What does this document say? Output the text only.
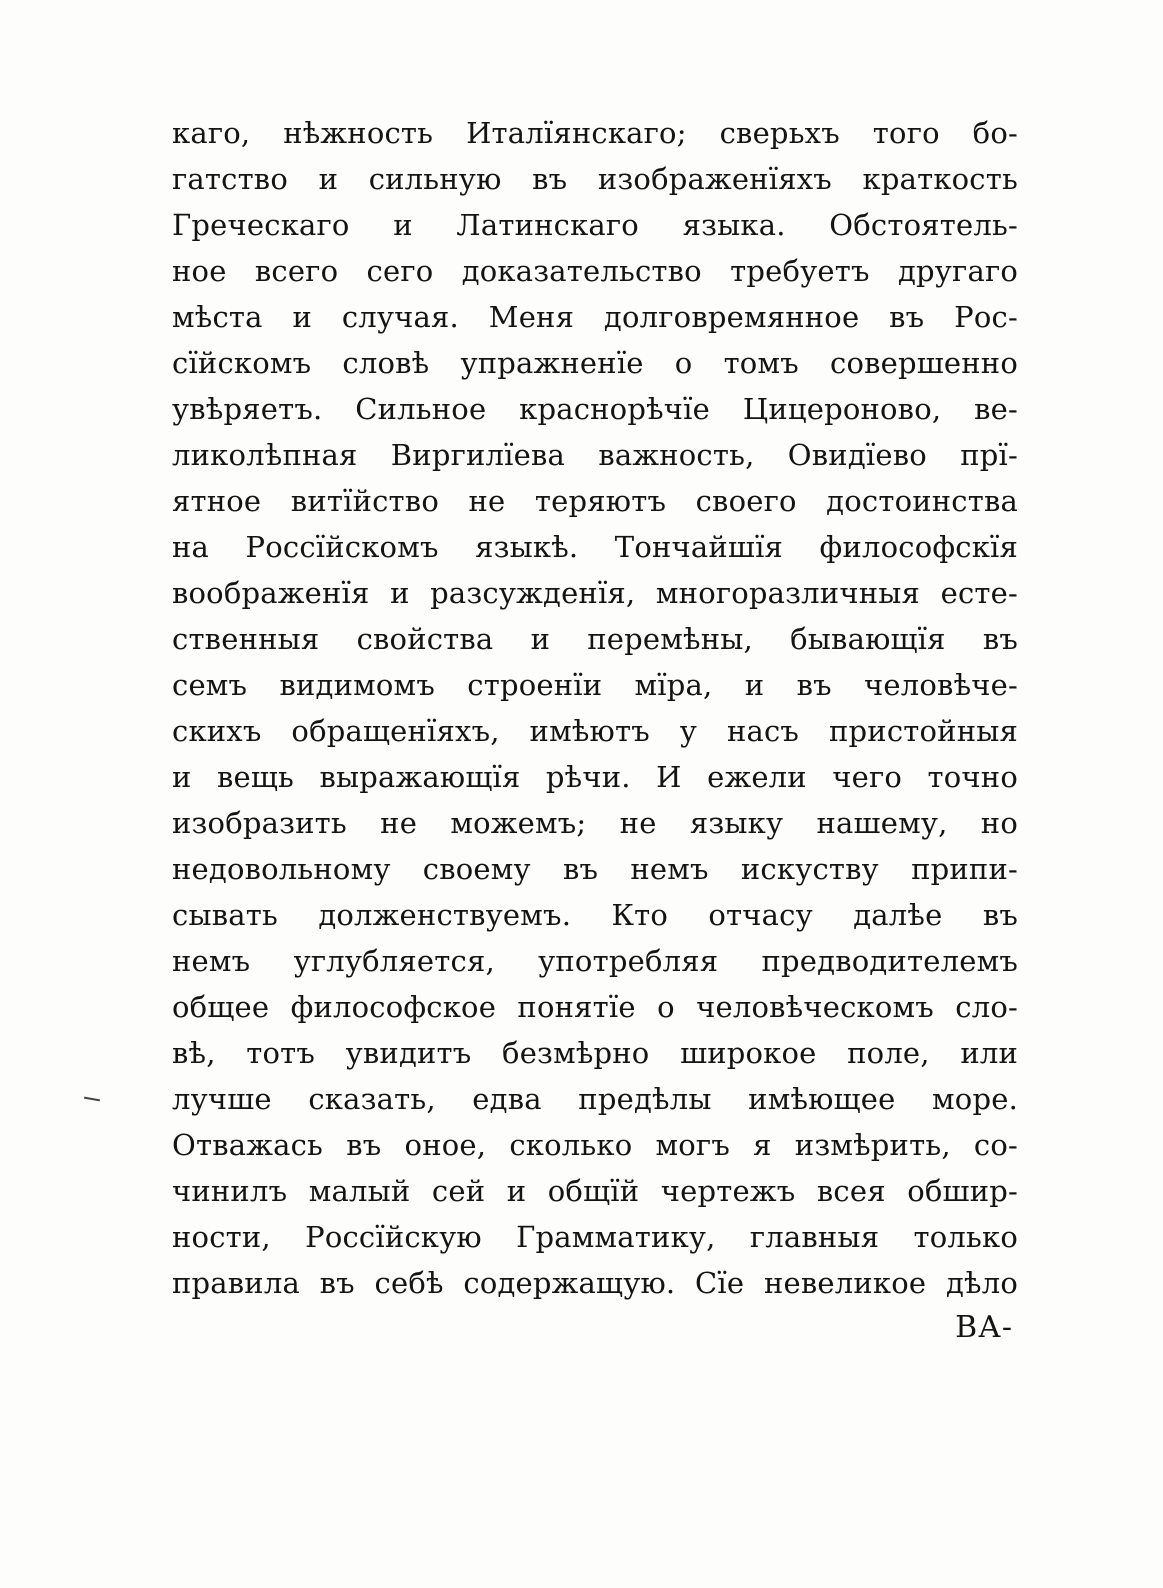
каго, нѣжность Италїянскаго; сверьхъ того бо-
гатство и сильную въ изображенїяхъ краткость
Греческаго и Латинскаго языка. Обстоятель-
ное всего сего доказательство требуетъ другагo
мѣста и случая. Меня долговремянное въ Рос-
сїйскомъ словѣ упражненїе о томъ совершенно
увѣряетъ. Сильное краснорѣчїе Цицероново, ве-
ликолѣпная Виргилїева важность, Овидїево прї-
ятное витїйство не теряютъ своего достоинства
на Россїйскомъ языкѣ. Тончайшїя философскїя
воображенїя и разсужденїя, многоразличныя есте-
ственныя свойства и перемѣны, бывающїя въ
семъ видимомъ строенїи мїра, и въ человѣче-
скихъ обращенїяхъ, имѣютъ у насъ пристойныя
и вещь выражающїя рѣчи. И ежели чего точно
изобразить не можемъ; не языку нашему, но
недовольному своему въ немъ искуству припи-
сывать долженствуемъ. Кто отчасу далѣе въ
немъ углубляется, употребляя предводителемъ
общее философское понятїе о человѣческомъ сло-
вѣ, тотъ увидитъ безмѣрно широкое поле, или
лучше сказать, едва предѣлы имѣющее море.
Отважась въ оное, сколько могъ я измѣрить, со-
чинилъ малый сей и общїй чертежъ всея обшир-
ности, Россїйскую Грамматику, главныя только
правила въ себѣ содержащую. Сїе невеликое дѣло
ВА-
